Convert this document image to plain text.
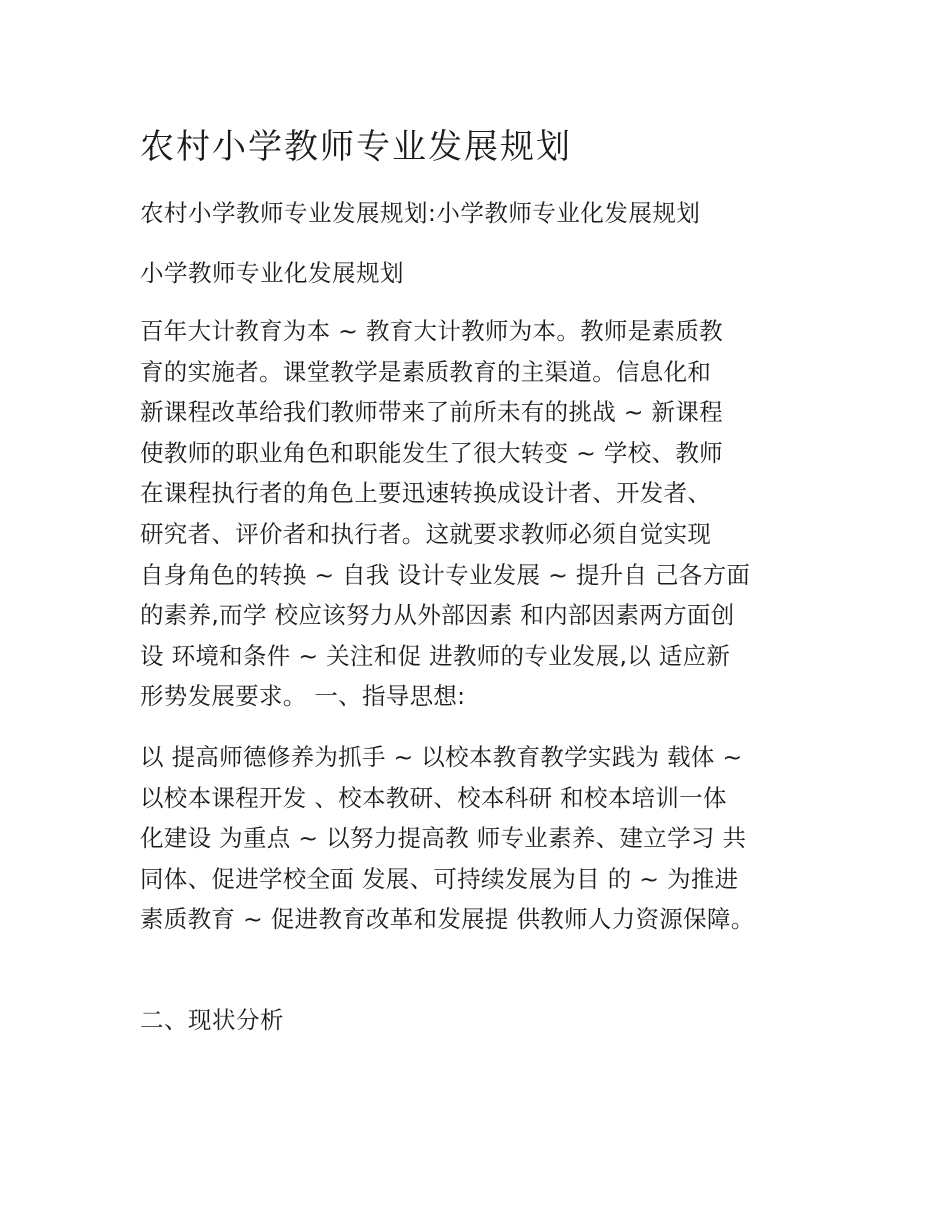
农村小学教师专业发展规划
农村小学教师专业发展规划:小学教师专业化发展规划
小学教师专业化发展规划
百年大计教育为本 ~ 教育大计教师为本。教师是素质教
育的实施者。课堂教学是素质教育的主渠道。信息化和
新课程改革给我们教师带来了前所未有的挑战 ~ 新课程
使教师的职业角色和职能发生了很大转变 ~ 学校、教师
在课程执行者的角色上要迅速转换成设计者、开发者、
研究者、评价者和执行者。这就要求教师必须自觉实现
自身角色的转换 ~ 自我 设计专业发展 ~ 提升自 己各方面
的素养,而学 校应该努力从外部因素 和内部因素两方面创
设 环境和条件 ~ 关注和促 进教师的专业发展,以 适应新
形势发展要求。 一、指导思想:
以 提高师德修养为抓手 ~ 以校本教育教学实践为 载体 ~
以校本课程开发 、校本教研、校本科研 和校本培训一体
化建设 为重点 ~ 以努力提高教 师专业素养、建立学习 共
同体、促进学校全面 发展、可持续发展为目 的 ~ 为推进
素质教育 ~ 促进教育改革和发展提 供教师人力资源保障。
二、现状分析
